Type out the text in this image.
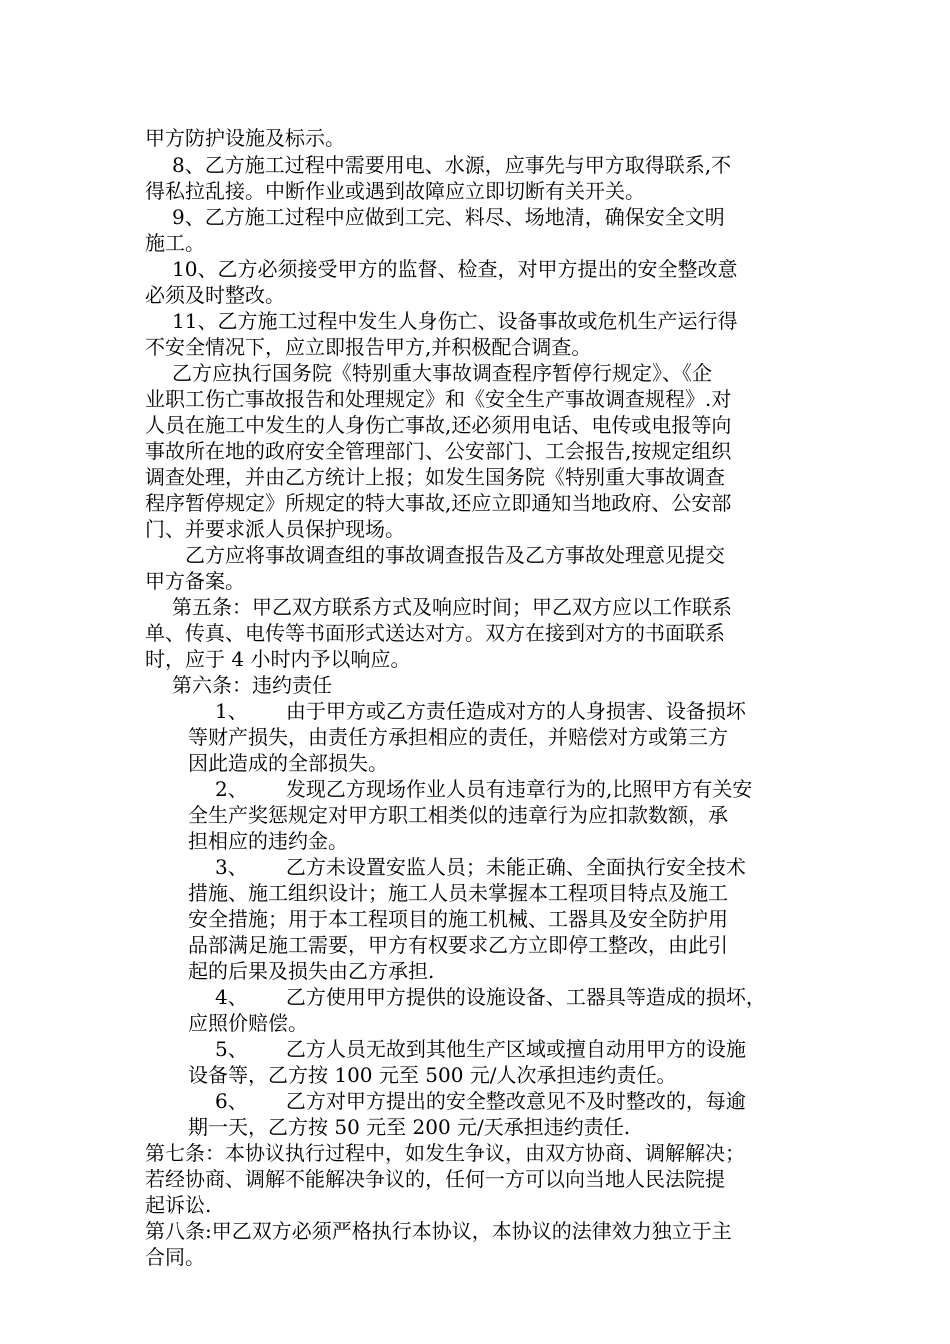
甲方防护设施及标示。
8、乙方施工过程中需要用电、水源，应事先与甲方取得联系,不
得私拉乱接。中断作业或遇到故障应立即切断有关开关。
9、乙方施工过程中应做到工完、料尽、场地清，确保安全文明
施工。
10、乙方必须接受甲方的监督、检查，对甲方提出的安全整改意
必须及时整改。
11、乙方施工过程中发生人身伤亡、设备事故或危机生产运行得
不安全情况下，应立即报告甲方,并积极配合调查。
乙方应执行国务院《特别重大事故调查程序暂停行规定》、《企
业职工伤亡事故报告和处理规定》和《安全生产事故调查规程》.对
人员在施工中发生的人身伤亡事故,还必须用电话、电传或电报等向
事故所在地的政府安全管理部门、公安部门、工会报告,按规定组织
调查处理，并由乙方统计上报；如发生国务院《特别重大事故调查
程序暂停规定》所规定的特大事故,还应立即通知当地政府、公安部
门、并要求派人员保护现场。
乙方应将事故调查组的事故调查报告及乙方事故处理意见提交
甲方备案。
第五条：甲乙双方联系方式及响应时间；甲乙双方应以工作联系
单、传真、电传等书面形式送达对方。双方在接到对方的书面联系
时，应于 4 小时内予以响应。
第六条：违约责任
1、      由于甲方或乙方责任造成对方的人身损害、设备损坏
等财产损失，由责任方承担相应的责任，并赔偿对方或第三方
因此造成的全部损失。
2、      发现乙方现场作业人员有违章行为的,比照甲方有关安
全生产奖惩规定对甲方职工相类似的违章行为应扣款数额，承
担相应的违约金。
3、      乙方未设置安监人员；未能正确、全面执行安全技术
措施、施工组织设计；施工人员未掌握本工程项目特点及施工
安全措施；用于本工程项目的施工机械、工器具及安全防护用
品部满足施工需要，甲方有权要求乙方立即停工整改，由此引
起的后果及损失由乙方承担.
4、      乙方使用甲方提供的设施设备、工器具等造成的损坏，
应照价赔偿。
5、      乙方人员无故到其他生产区域或擅自动用甲方的设施
设备等，乙方按 100 元至 500 元/人次承担违约责任。
6、      乙方对甲方提出的安全整改意见不及时整改的，每逾
期一天，乙方按 50 元至 200 元/天承担违约责任.
第七条：本协议执行过程中，如发生争议，由双方协商、调解解决；
若经协商、调解不能解决争议的，任何一方可以向当地人民法院提
起诉讼.
第八条:甲乙双方必须严格执行本协议，本协议的法律效力独立于主
合同。
